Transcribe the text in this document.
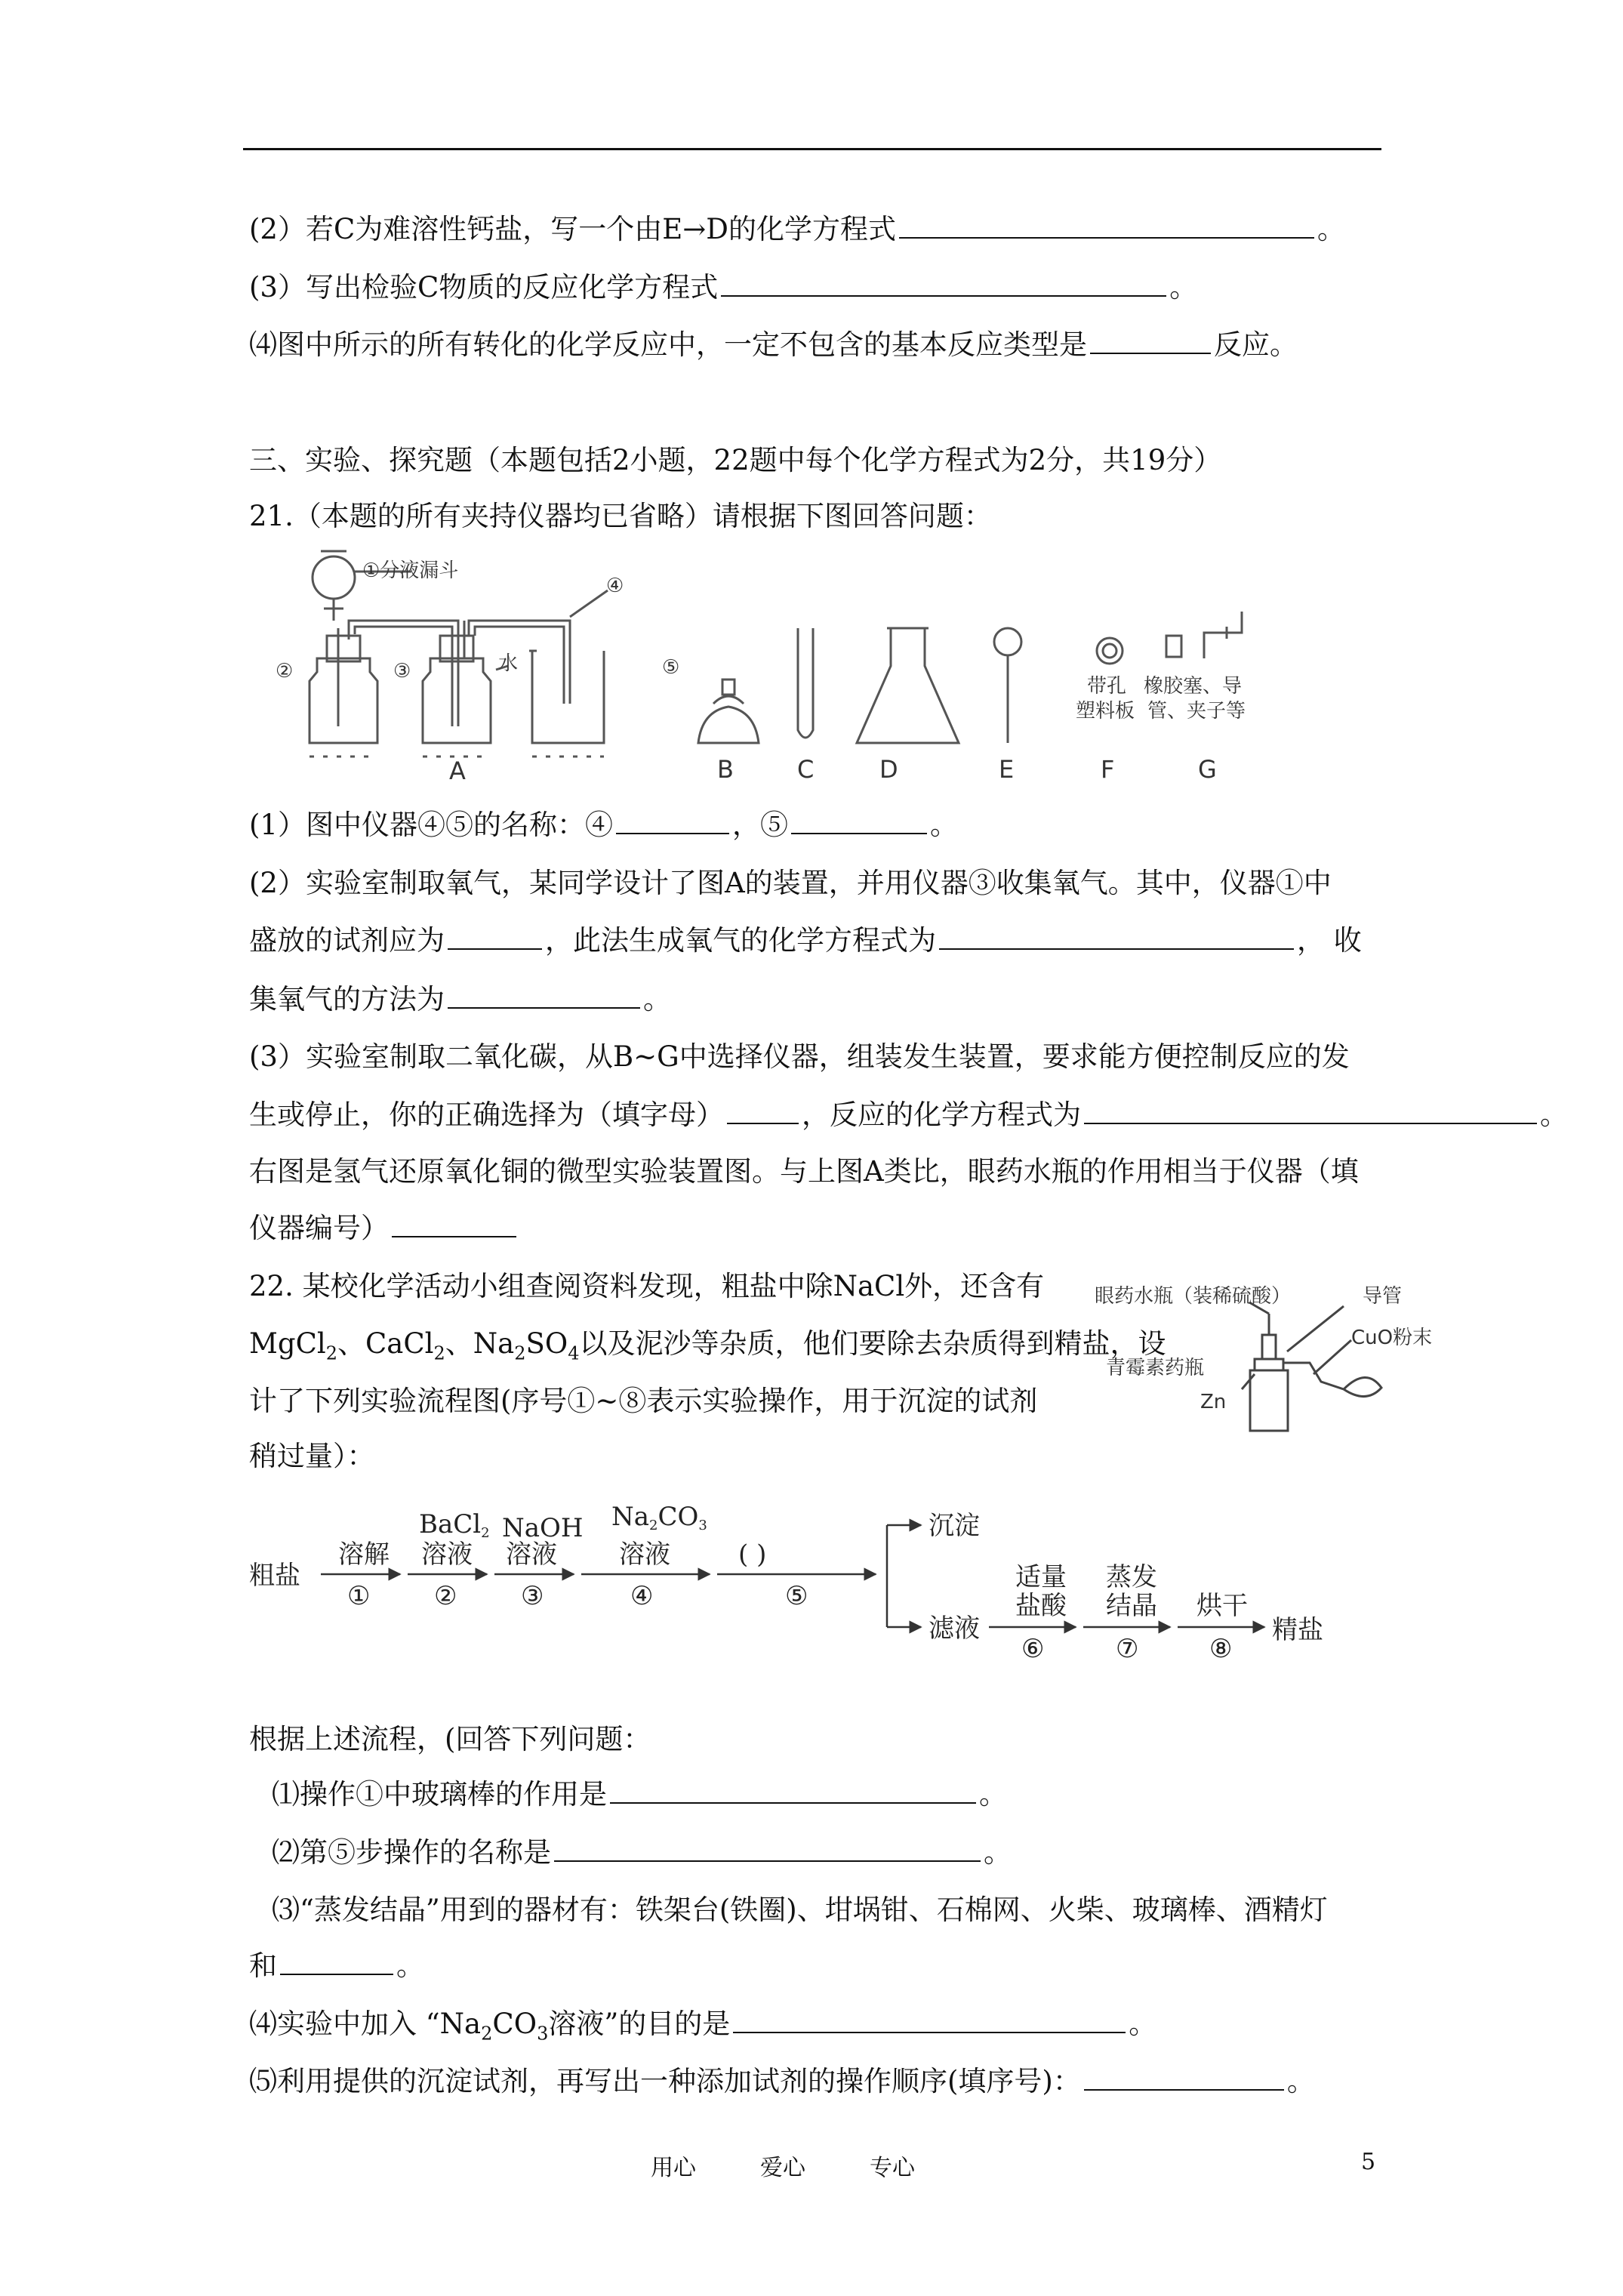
(2）若C为难溶性钙盐，写一个由E→D的化学方程式	。
(3）写出检验C物质的反应化学方程式	。
⑷图中所示的所有转化的化学反应中，一定不包含的基本反应类型是	反应。
三、实验、探究题（本题包括2小题，22题中每个化学方程式为2分，共19分）
21.（本题的所有夹持仪器均已省略）请根据下图回答问题：
①分液漏斗
②	③
④
⑤
水
A	B	C	D	E	F	G
带孔
塑料板
橡胶塞、导
管、夹子等
(1）图中仪器④⑤的名称：④	，⑤	。
(2）实验室制取氧气，某同学设计了图A的装置，并用仪器③收集氧气。其中，仪器①中
盛放的试剂应为	，此法生成氧气的化学方程式为	， 收
集氧气的方法为	。
(3）实验室制取二氧化碳，从B~G中选择仪器，组装发生装置，要求能方便控制反应的发
生或停止，你的正确选择为（填字母）	，反应的化学方程式为	。
右图是氢气还原氧化铜的微型实验装置图。与上图A类比，眼药水瓶的作用相当于仪器（填
仪器编号）
22. 某校化学活动小组查阅资料发现，粗盐中除NaCl外，还含有
MgCl$_2$、CaCl$_2$、$Na_2SO_4$以及泥沙等杂质，他们要除去杂质得到精盐，设
计了下列实验流程图(序号①~⑧表示实验操作，用于沉淀的试剂
稍过量）：
眼药水瓶（装稀硫酸）	导管
CuO粉末
青霉素药瓶
Zn
粗盐
溶解
①
BaCl2
溶液
②
NaOH
溶液
③
Na2CO3
溶液
④
( )
⑤
沉淀
滤液
适量
盐酸
⑥
蒸发
结晶
⑦
烘干
⑧
精盐
根据上述流程，(回答下列问题：
⑴操作①中玻璃棒的作用是	。
⑵第⑤步操作的名称是	。
⑶“蒸发结晶”用到的器材有：铁架台(铁圈)、坩埚钳、石棉网、火柴、玻璃棒、酒精灯
和	。
⑷实验中加入 “$Na_2CO_3$溶液”的目的是	。
⑸利用提供的沉淀试剂，再写出一种添加试剂的操作顺序(填序号)：	。
用心	爱心	专心	5
